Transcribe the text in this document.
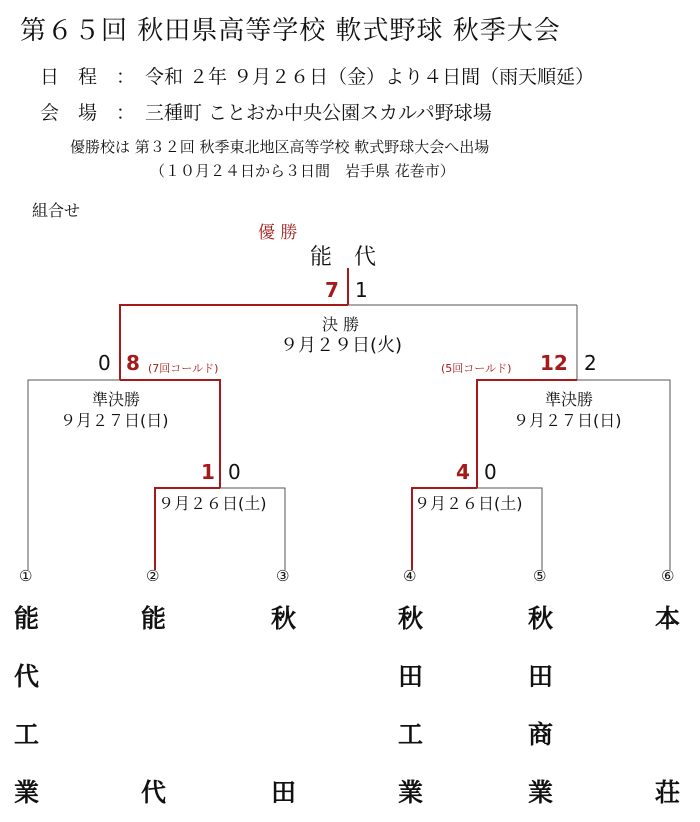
第６５回 秋田県高等学校 軟式野球 秋季大会
日　程　： 令和 ２年 ９月２６日（金）より４日間（雨天順延）
会　場　： 三種町 ことおか中央公園スカルパ野球場
優勝校は 第３２回 秋季東北地区高等学校 軟式野球大会へ出場
（１０月２４日から３日間　岩手県 花巻市）
組合せ
優 勝
能　代
7 1
決 勝
９月２９日(火)
0 8 (7回コールド)
準決勝
９月２７日(日)
(5回コールド) 12 2
準決勝
９月２７日(日)
1 0
９月２６日(土)
4 0
９月２６日(土)
①	②	③	④	⑤	⑥
能
代
工
業
能
代
秋
田
秋
田
工
業
秋
田
商
業
本
荘
